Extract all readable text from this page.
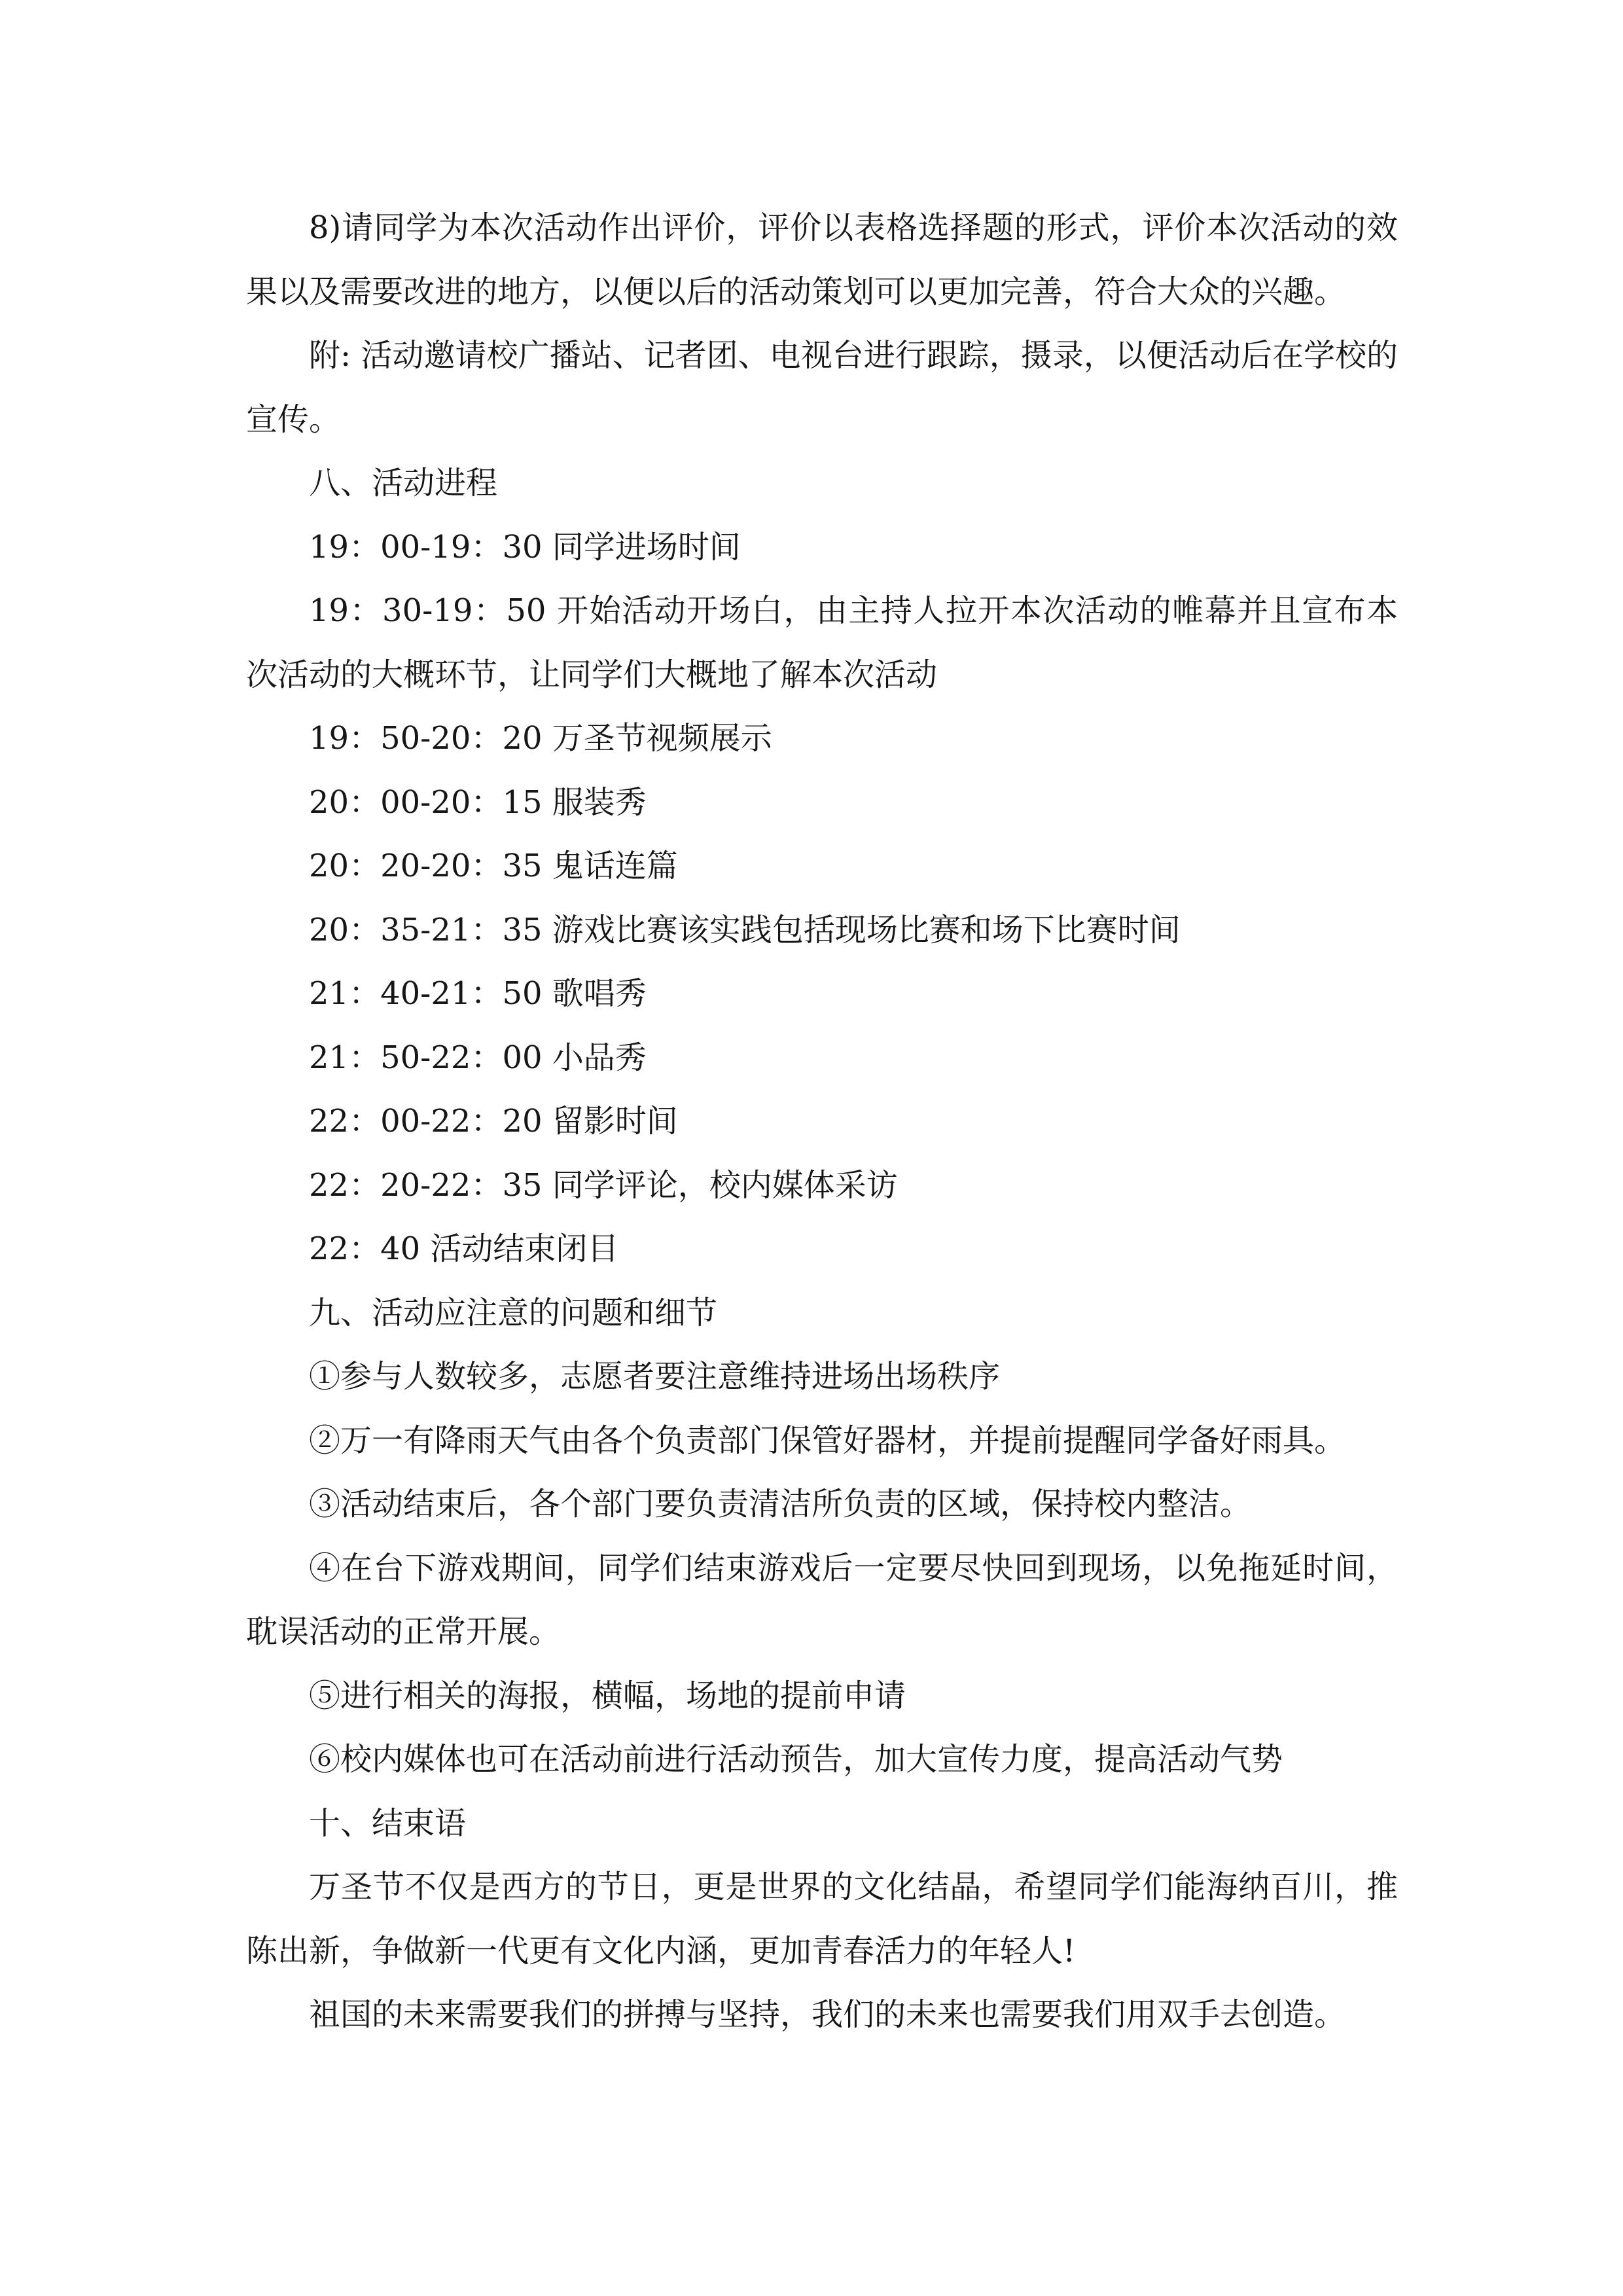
8)请同学为本次活动作出评价，评价以表格选择题的形式，评价本次活动的效果以及需要改进的地方，以便以后的活动策划可以更加完善，符合大众的兴趣。

附: 活动邀请校广播站、记者团、电视台进行跟踪，摄录，以便活动后在学校的宣传。

八、活动进程

19：00-19：30 同学进场时间

19：30-19：50 开始活动开场白，由主持人拉开本次活动的帷幕并且宣布本次活动的大概环节，让同学们大概地了解本次活动

19：50-20：20 万圣节视频展示

20：00-20：15 服装秀

20：20-20：35 鬼话连篇

20：35-21：35 游戏比赛该实践包括现场比赛和场下比赛时间

21：40-21：50 歌唱秀

21：50-22：00 小品秀

22：00-22：20 留影时间

22：20-22：35 同学评论，校内媒体采访

22：40 活动结束闭目

九、活动应注意的问题和细节

①参与人数较多，志愿者要注意维持进场出场秩序

②万一有降雨天气由各个负责部门保管好器材，并提前提醒同学备好雨具。

③活动结束后，各个部门要负责清洁所负责的区域，保持校内整洁。

④在台下游戏期间，同学们结束游戏后一定要尽快回到现场，以免拖延时间，耽误活动的正常开展。

⑤进行相关的海报，横幅，场地的提前申请

⑥校内媒体也可在活动前进行活动预告，加大宣传力度，提高活动气势

十、结束语

万圣节不仅是西方的节日，更是世界的文化结晶，希望同学们能海纳百川，推陈出新，争做新一代更有文化内涵，更加青春活力的年轻人!

祖国的未来需要我们的拼搏与坚持，我们的未来也需要我们用双手去创造。
